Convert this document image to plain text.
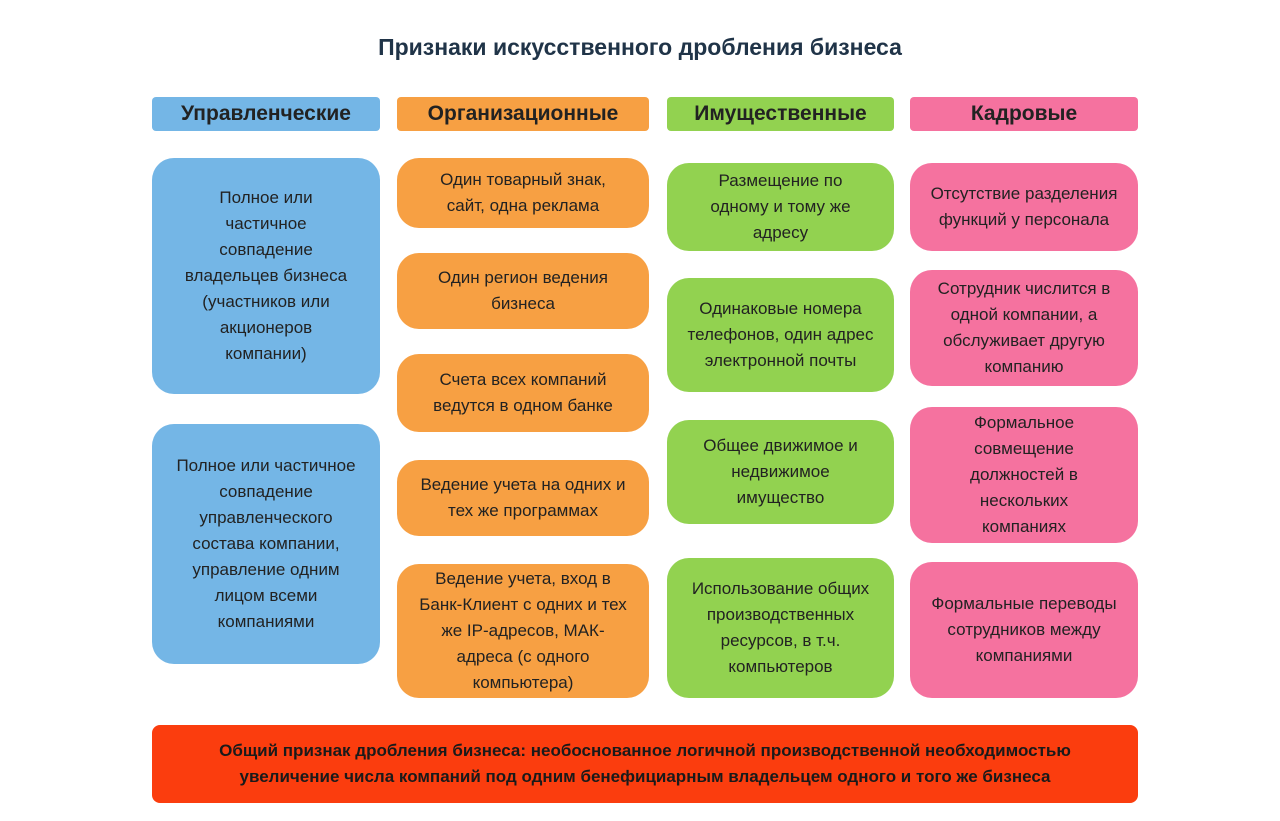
Признаки искусственного дробления бизнеса
Управленческие	Организационные	Имущественные	Кадровые
Полное или частичное совпадение владельцев бизнеса (участников или акционеров компании)
Полное или частичное совпадение управленческого состава компании, управление одним лицом всеми компаниями
Один товарный знак, сайт, одна реклама
Один регион ведения бизнеса
Счета всех компаний ведутся в одном банке
Ведение учета на одних и тех же программах
Ведение учета, вход в Банк-Клиент с одних и тех же IP-адресов, МАК-адреса (с одного компьютера)
Размещение по одному и тому же адресу
Одинаковые номера телефонов, один адрес электронной почты
Общее движимое и недвижимое имущество
Использование общих производственных ресурсов, в т.ч. компьютеров
Отсутствие разделения функций у персонала
Сотрудник числится в одной компании, а обслуживает другую компанию
Формальное совмещение должностей в нескольких компаниях
Формальные переводы сотрудников между компаниями
Общий признак дробления бизнеса: необоснованное логичной производственной необходимостью увеличение числа компаний под одним бенефициарным владельцем одного и того же бизнеса
